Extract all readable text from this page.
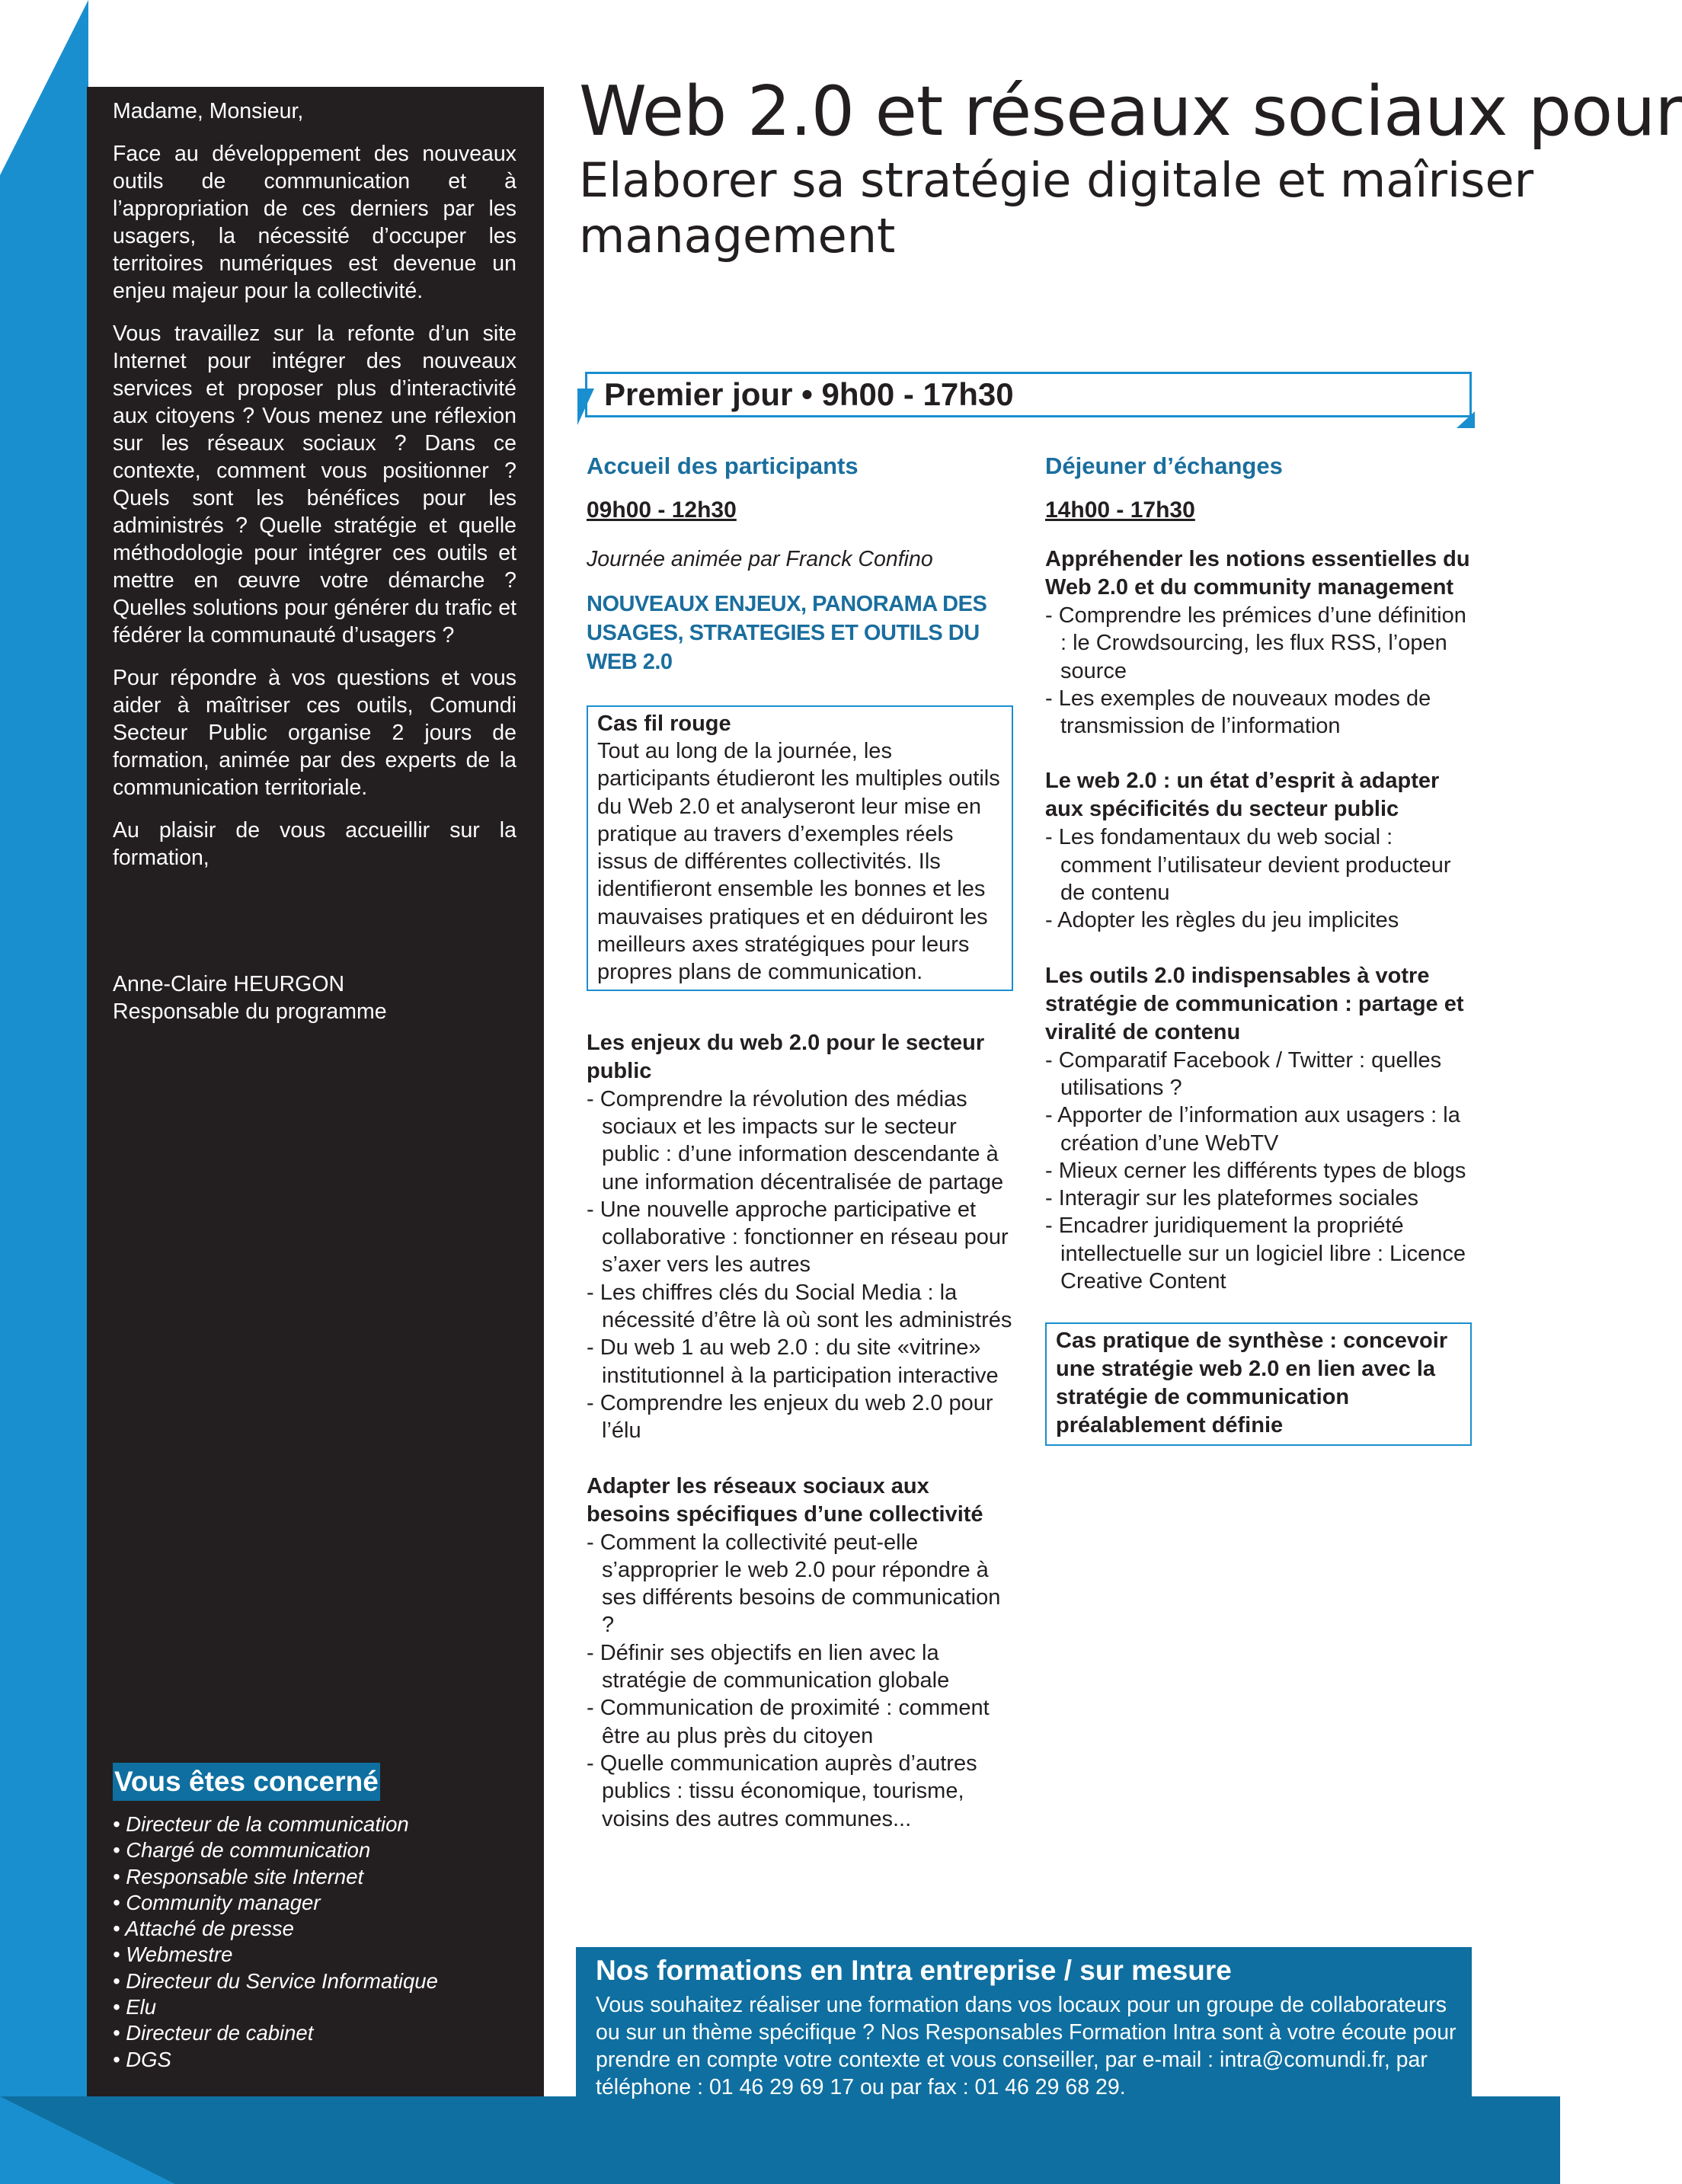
Madame, Monsieur,

Face au développement des nouveaux outils de communication et à l’appropriation de ces derniers par les usagers, la nécessité d’occuper les territoires numériques est devenue un enjeu majeur pour la collectivité.

Vous travaillez sur la refonte d’un site Internet pour intégrer des nouveaux services et proposer plus d’interactivité aux citoyens ? Vous menez une réflexion sur les réseaux sociaux ? Dans ce contexte, comment vous positionner ? Quels sont les bénéfices pour les administrés ? Quelle stratégie et quelle méthodologie pour intégrer ces outils et mettre en œuvre votre démarche ? Quelles solutions pour générer du trafic et fédérer la communauté d’usagers ?

Pour répondre à vos questions et vous aider à maîtriser ces outils, Comundi Secteur Public organise 2 jours de formation, animée par des experts de la communication territoriale.

Au plaisir de vous accueillir sur la formation,

Anne-Claire HEURGON
Responsable du programme
Vous êtes concerné
• Directeur de la communication
• Chargé de communication
• Responsable site Internet
• Community manager
• Attaché de presse
• Webmestre
• Directeur du Service Informatique
• Elu
• Directeur de cabinet
• DGS
Web 2.0 et réseaux sociaux pour
Elaborer sa stratégie digitale et maîriser
management
Premier jour • 9h00 - 17h30
Accueil des participants
09h00 - 12h30
Journée animée par Franck Confino
NOUVEAUX ENJEUX, PANORAMA DES USAGES, STRATEGIES ET OUTILS DU WEB 2.0
Cas fil rouge
Tout au long de la journée, les participants étudieront les multiples outils du Web 2.0 et analyseront leur mise en pratique au travers d’exemples réels issus de différentes collectivités. Ils identifieront ensemble les bonnes et les mauvaises pratiques et en déduiront les meilleurs axes stratégiques pour leurs propres plans de communication.
Les enjeux du web 2.0 pour le secteur public
- Comprendre la révolution des médias sociaux et les impacts sur le secteur public : d’une information descendante à une information décentralisée de partage
- Une nouvelle approche participative et collaborative : fonctionner en réseau pour s’axer vers les autres
- Les chiffres clés du Social Media : la nécessité d’être là où sont les administrés
- Du web 1 au web 2.0 : du site «vitrine» institutionnel à la participation interactive
- Comprendre les enjeux du web 2.0 pour l’élu
Adapter les réseaux sociaux aux besoins spécifiques d’une collectivité
- Comment la collectivité peut-elle s’approprier le web 2.0 pour répondre à ses différents besoins de communication ?
- Définir ses objectifs en lien avec la stratégie de communication globale
- Communication de proximité : comment être au plus près du citoyen
- Quelle communication auprès d’autres publics : tissu économique, tourisme, voisins des autres communes...
Déjeuner d’échanges
14h00 - 17h30
Appréhender les notions essentielles du Web 2.0 et du community management
- Comprendre les prémices d’une définition : le Crowdsourcing, les flux RSS, l’open source
- Les exemples de nouveaux modes de transmission de l’information
Le web 2.0 : un état d’esprit à adapter aux spécificités du secteur public
- Les fondamentaux du web social : comment l’utilisateur devient producteur de contenu
- Adopter les règles du jeu implicites
Les outils 2.0 indispensables à votre stratégie de communication : partage et viralité de contenu
- Comparatif Facebook / Twitter : quelles utilisations ?
- Apporter de l’information aux usagers : la création d’une WebTV
- Mieux cerner les différents types de blogs
- Interagir sur les plateformes sociales
- Encadrer juridiquement la propriété intellectuelle sur un logiciel libre : Licence Creative Content
Cas pratique de synthèse : concevoir une stratégie web 2.0 en lien avec la stratégie de communication préalablement définie
Nos formations en Intra entreprise / sur mesure
Vous souhaitez réaliser une formation dans vos locaux pour un groupe de collaborateurs ou sur un thème spécifique ? Nos Responsables Formation Intra sont à votre écoute pour prendre en compte votre contexte et vous conseiller, par e-mail : intra@comundi.fr, par téléphone : 01 46 29 69 17 ou par fax : 01 46 29 68 29.
